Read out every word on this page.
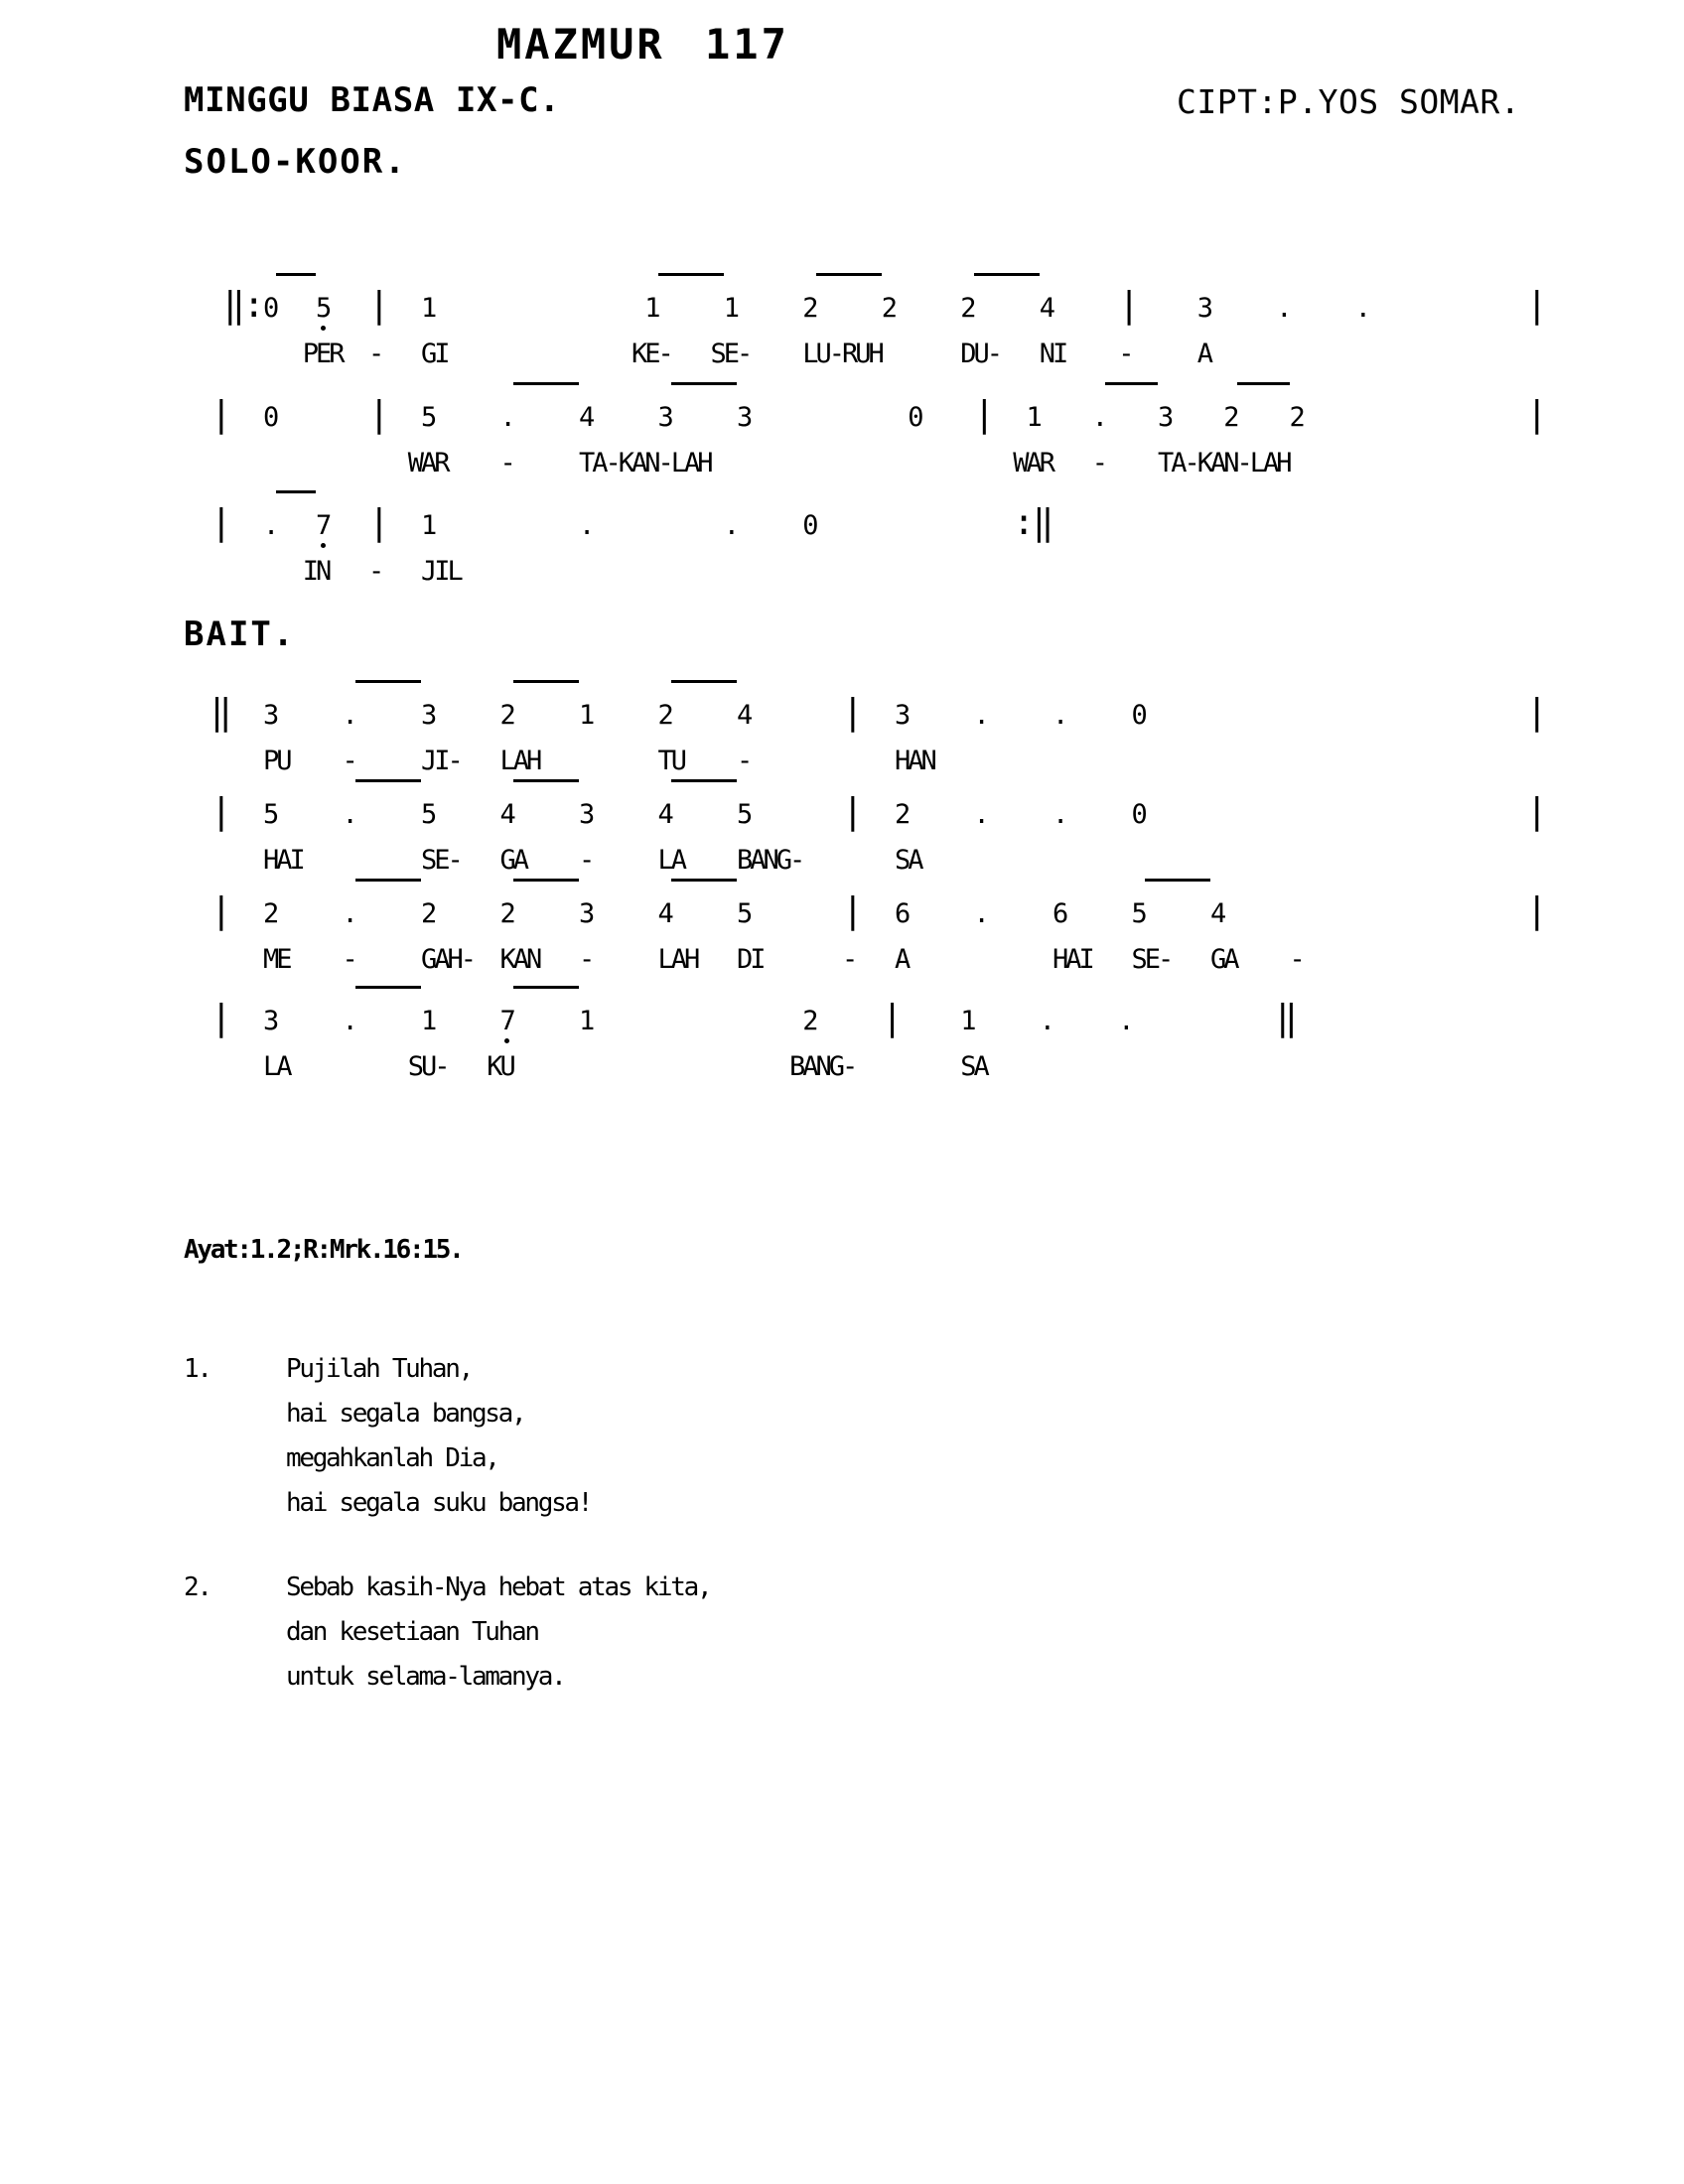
MAZMUR 117
MINGGU BIASA IX-C.	CIPT:P.YOS SOMAR.
SOLO-KOOR.
‖: 0 5 | 1	1 1 2 2 2 4 | 3 . .	|
PER - GI	KE- SE- LU-RUH	DU- NI - A
| 0	| 5 . 4 3 3	0 | 1 . 3 2 2	|
WAR - TA-KAN-LAH	WAR - TA-KAN-LAH
| . 7 | 1	.	. 0	:‖
IN - JIL
‖ 3 . 3 2 1 2 4	| 3 . . 0	|
PU - JI- LAH	TU -	HAN
| 5 . 5 4 3 4 5	| 2 . . 0	|
HAI	SE- GA - LA BANG-	SA
| 2 . 2 2 3 4 5	| 6 . 6 5 4	|
ME - GAH- KAN - LAH DI	- A	HAI SE- GA -
| 3 . 1 7 1	2 | 1 . .	‖
LA	SU- KU	BANG-	SA
BAIT.
Ayat:1.2;R:Mrk.16:15.
1.	Pujilah Tuhan,
hai segala bangsa,
megahkanlah Dia,
hai segala suku bangsa!
2.	Sebab kasih-Nya hebat atas kita,
dan kesetiaan Tuhan
untuk selama-lamanya.
